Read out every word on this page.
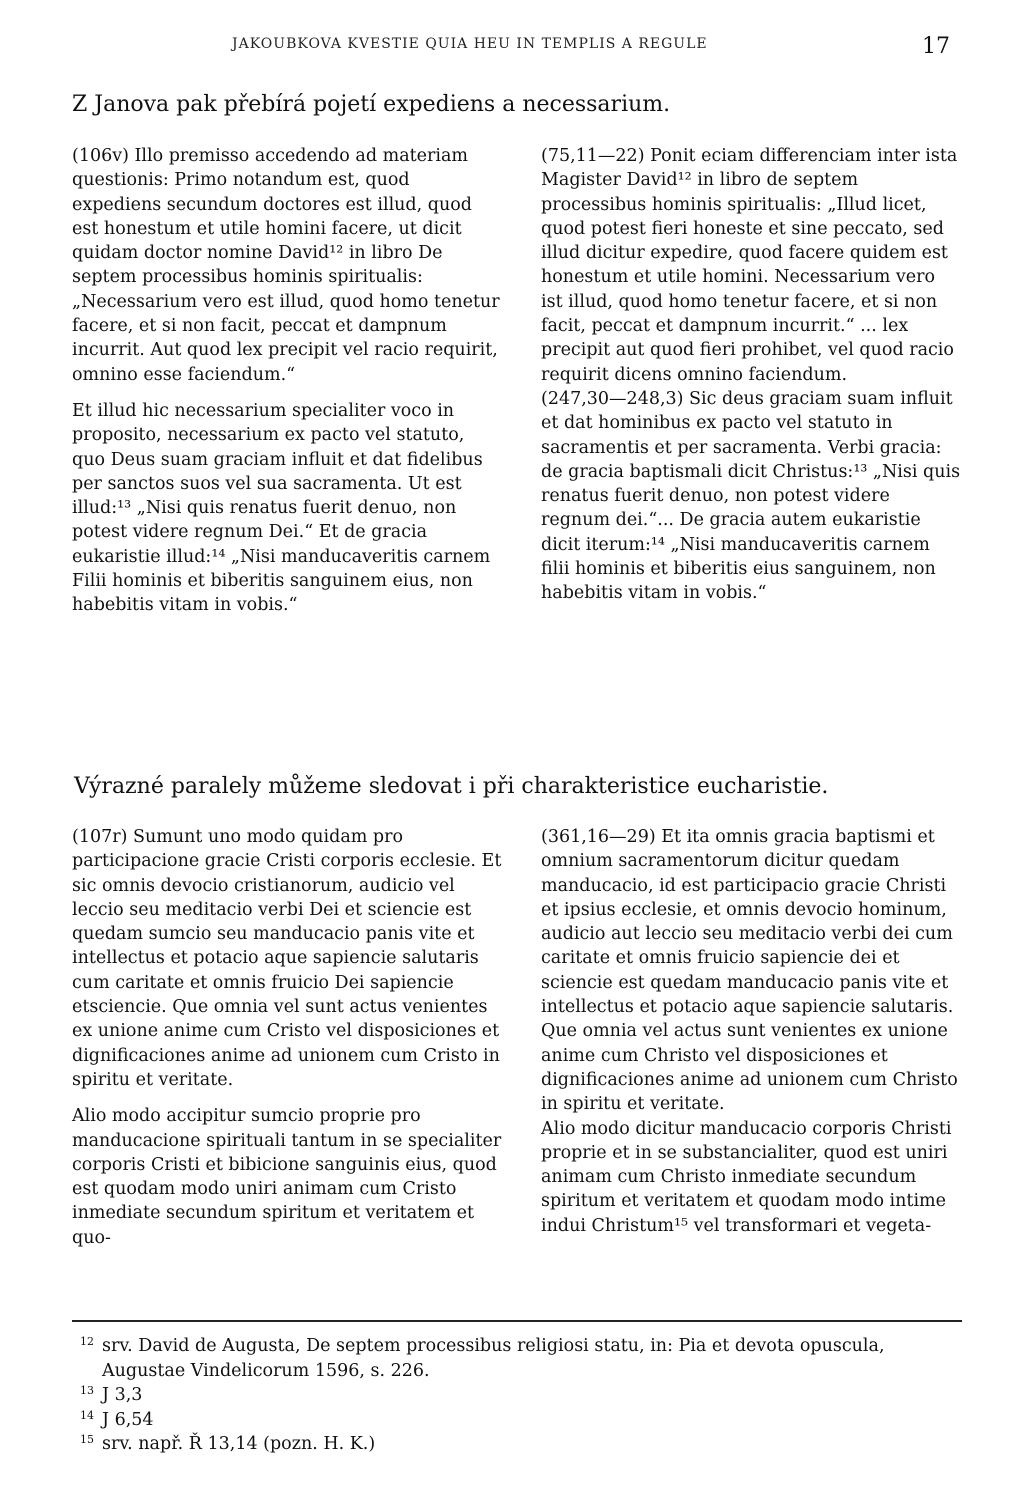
JAKOUBKOVA KVESTIE QUIA HEU IN TEMPLIS A REGULE	17
Z Janova pak přebírá pojetí expediens a necessarium.

(106v) Illo premisso accedendo ad materiam questionis: Primo notandum est, quod expediens secundum doctores est illud, quod est honestum et utile homini facere, ut dicit quidam doctor nomine David¹² in libro De septem processibus hominis spiritualis: „Necessarium vero est illud, quod homo tenetur facere, et si non facit, peccat et dampnum incurrit. Aut quod lex precipit vel racio requirit, omnino esse faciendum.“

Et illud hic necessarium specialiter voco in proposito, necessarium ex pacto vel statuto, quo Deus suam graciam influit et dat fidelibus per sanctos suos vel sua sacramenta. Ut est illud:¹³ „Nisi quis renatus fuerit denuo, non potest videre regnum Dei.“ Et de gracia eukaristie illud:¹⁴ „Nisi manducaveritis carnem Filii hominis et biberitis sanguinem eius, non habebitis vitam in vobis.“

(75,11—22) Ponit eciam differenciam inter ista Magister David¹² in libro de septem processibus hominis spiritualis: „Illud licet, quod potest fieri honeste et sine peccato, sed illud dicitur expedire, quod facere quidem est honestum et utile homini. Necessarium vero ist illud, quod homo tenetur facere, et si non facit, peccat et dampnum incurrit.“ ... lex precipit aut quod fieri prohibet, vel quod racio requirit dicens omnino faciendum.

(247,30—248,3) Sic deus graciam suam influit et dat hominibus ex pacto vel statuto in sacramentis et per sacramenta. Verbi gracia: de gracia baptismali dicit Christus:¹³ „Nisi quis renatus fuerit denuo, non potest videre regnum dei.“... De gracia autem eukaristie dicit iterum:¹⁴ „Nisi manducaveritis carnem filii hominis et biberitis eius sanguinem, non habebitis vitam in vobis.“

Výrazné paralely můžeme sledovat i při charakteristice eucharistie.

(107r) Sumunt uno modo quidam pro participacione gracie Cristi corporis ecclesie. Et sic omnis devocio cristianorum, audicio vel leccio seu meditacio verbi Dei et sciencie est quedam sumcio seu manducacio panis vite et intellectus et potacio aque sapiencie salutaris cum caritate et omnis fruicio Dei sapiencie etsciencie. Que omnia vel sunt actus venientes ex unione anime cum Cristo vel disposiciones et dignificaciones anime ad unionem cum Cristo in spiritu et veritate.

Alio modo accipitur sumcio proprie pro manducacione spirituali tantum in se specialiter corporis Cristi et bibicione sanguinis eius, quod est quodam modo uniri animam cum Cristo inmediate secundum spiritum et veritatem et quo-

(361,16—29) Et ita omnis gracia baptismi et omnium sacramentorum dicitur quedam manducacio, id est participacio gracie Christi et ipsius ecclesie, et omnis devocio hominum, audicio aut leccio seu meditacio verbi dei cum caritate et omnis fruicio sapiencie dei et sciencie est quedam manducacio panis vite et intellectus et potacio aque sapiencie salutaris. Que omnia vel actus sunt venientes ex unione anime cum Christo vel disposiciones et dignificaciones anime ad unionem cum Christo in spiritu et veritate.

Alio modo dicitur manducacio corporis Christi proprie et in se substancialiter, quod est uniri animam cum Christo inmediate secundum spiritum et veritatem et quodam modo intime indui Christum¹⁵ vel transformari et vegeta-

12 srv. David de Augusta, De septem processibus religiosi statu, in: Pia et devota opuscula, Augustae Vindelicorum 1596, s. 226.
13 J 3,3
14 J 6,54
15 srv. např. Ř 13,14 (pozn. H. K.)
